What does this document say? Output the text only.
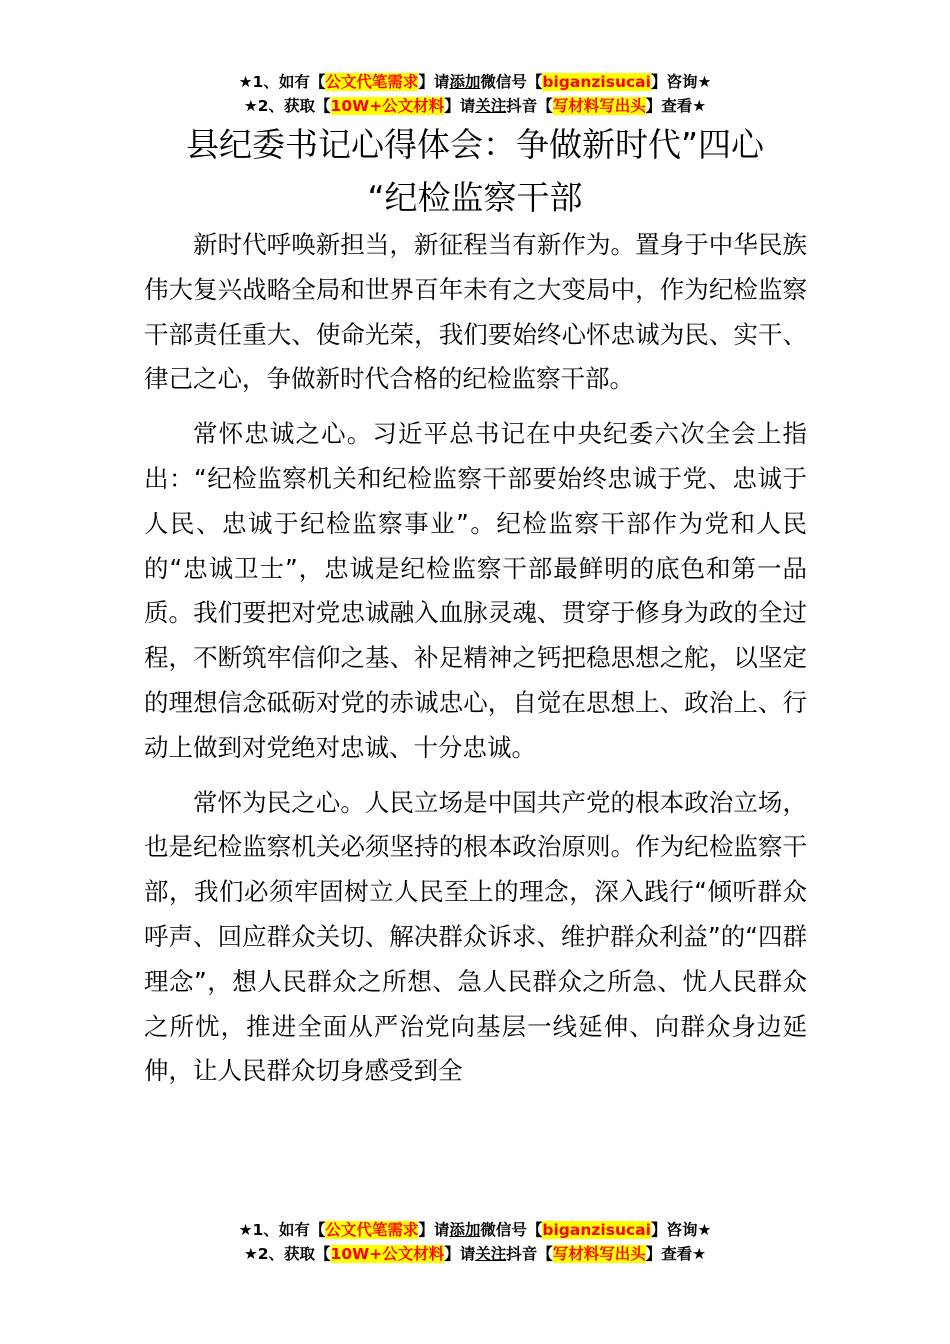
★1、如有【公文代笔需求】请添加微信号【biganzisucai】咨询★
★2、获取【10W+公文材料】请关注抖音【写材料写出头】查看★
县纪委书记心得体会：争做新时代”四心
“纪检监察干部

新时代呼唤新担当，新征程当有新作为。置身于中华民族伟大复兴战略全局和世界百年未有之大变局中，作为纪检监察干部责任重大、使命光荣，我们要始终心怀忠诚为民、实干、律己之心，争做新时代合格的纪检监察干部。

常怀忠诚之心。习近平总书记在中央纪委六次全会上指出：“纪检监察机关和纪检监察干部要始终忠诚于党、忠诚于人民、忠诚于纪检监察事业”。纪检监察干部作为党和人民的“忠诚卫士”，忠诚是纪检监察干部最鲜明的底色和第一品质。我们要把对党忠诚融入血脉灵魂、贯穿于修身为政的全过程，不断筑牢信仰之基、补足精神之钙把稳思想之舵，以坚定的理想信念砥砺对党的赤诚忠心，自觉在思想上、政治上、行动上做到对党绝对忠诚、十分忠诚。

常怀为民之心。人民立场是中国共产党的根本政治立场，也是纪检监察机关必须坚持的根本政治原则。作为纪检监察干部，我们必须牢固树立人民至上的理念，深入践行“倾听群众呼声、回应群众关切、解决群众诉求、维护群众利益”的“四群理念”，想人民群众之所想、急人民群众之所急、忧人民群众之所忧，推进全面从严治党向基层一线延伸、向群众身边延伸，让人民群众切身感受到全

★1、如有【公文代笔需求】请添加微信号【biganzisucai】咨询★
★2、获取【10W+公文材料】请关注抖音【写材料写出头】查看★
